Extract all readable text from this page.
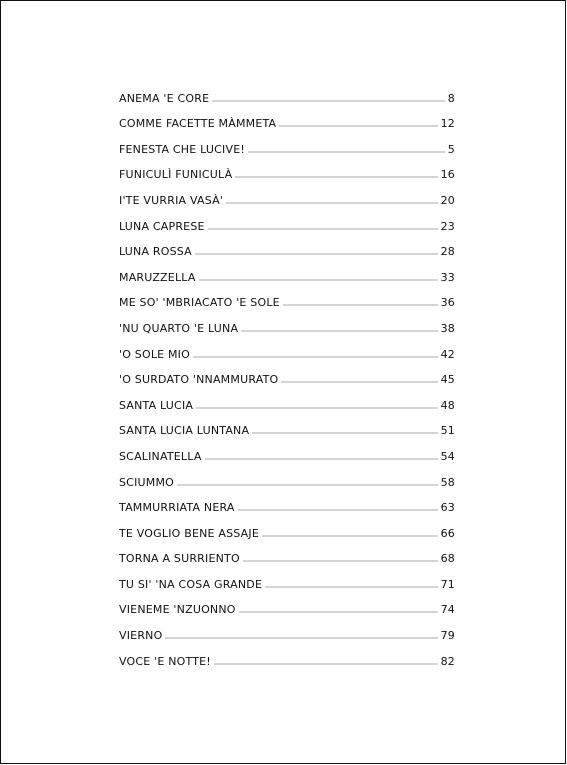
ANEMA 'E CORE	8
COMME FACETTE MÀMMETA	12
FENESTA CHE LUCIVE!	5
FUNICULÌ FUNICULÀ	16
I'TE VURRIA VASÀ'	20
LUNA CAPRESE	23
LUNA ROSSA	28
MARUZZELLA	33
ME SO' 'MBRIACATO 'E SOLE	36
'NU QUARTO 'E LUNA	38
'O SOLE MIO	42
'O SURDATO 'NNAMMURATO	45
SANTA LUCIA	48
SANTA LUCIA LUNTANA	51
SCALINATELLA	54
SCIUMMO	58
TAMMURRIATA NERA	63
TE VOGLIO BENE ASSAJE	66
TORNA A SURRIENTO	68
TU SI' 'NA COSA GRANDE	71
VIENEME 'NZUONNO	74
VIERNO	79
VOCE 'E NOTTE!	82
